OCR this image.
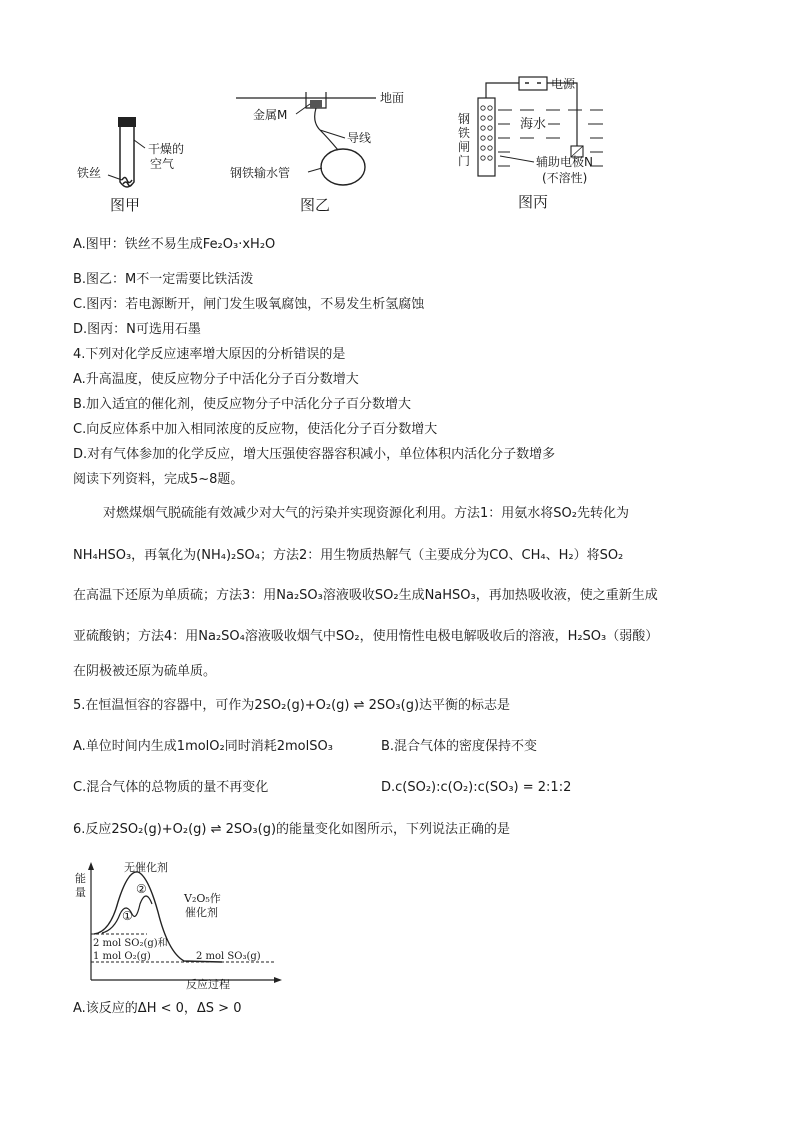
干燥的
空气
铁丝
图甲
地面
金属M
导线
钢铁输水管
图乙
电源
钢
铁
闸
门
海水
辅助电极N
(不溶性)
图丙
A.图甲：铁丝不易生成Fe₂O₃·xH₂O
B.图乙：M不一定需要比铁活泼
C.图丙：若电源断开，闸门发生吸氧腐蚀，不易发生析氢腐蚀
D.图丙：N可选用石墨
4.下列对化学反应速率增大原因的分析错误的是
A.升高温度，使反应物分子中活化分子百分数增大
B.加入适宜的催化剂，使反应物分子中活化分子百分数增大
C.向反应体系中加入相同浓度的反应物，使活化分子百分数增大
D.对有气体参加的化学反应，增大压强使容器容积减小，单位体积内活化分子数增多
阅读下列资料，完成5~8题。
对燃煤烟气脱硫能有效减少对大气的污染并实现资源化利用。方法1：用氨水将SO₂先转化为
NH₄HSO₃，再氧化为(NH₄)₂SO₄；方法2：用生物质热解气（主要成分为CO、CH₄、H₂）将SO₂
在高温下还原为单质硫；方法3：用Na₂SO₃溶液吸收SO₂生成NaHSO₃，再加热吸收液，使之重新生成
亚硫酸钠；方法4：用Na₂SO₄溶液吸收烟气中SO₂，使用惰性电极电解吸收后的溶液，H₂SO₃（弱酸）
在阴极被还原为硫单质。
5.在恒温恒容的容器中，可作为2SO₂(g)+O₂(g) ⇌ 2SO₃(g)达平衡的标志是
A.单位时间内生成1molO₂同时消耗2molSO₃	B.混合气体的密度保持不变
C.混合气体的总物质的量不再变化	D.c(SO₂):c(O₂):c(SO₃) = 2:1:2
6.反应2SO₂(g)+O₂(g) ⇌ 2SO₃(g)的能量变化如图所示，下列说法正确的是
能
量
反应过程
无催化剂
①
②
V₂O₅作
催化剂
2 mol SO₂(g)和
1 mol O₂(g)	2 mol SO₃(g)
A.该反应的ΔH < 0，ΔS > 0
